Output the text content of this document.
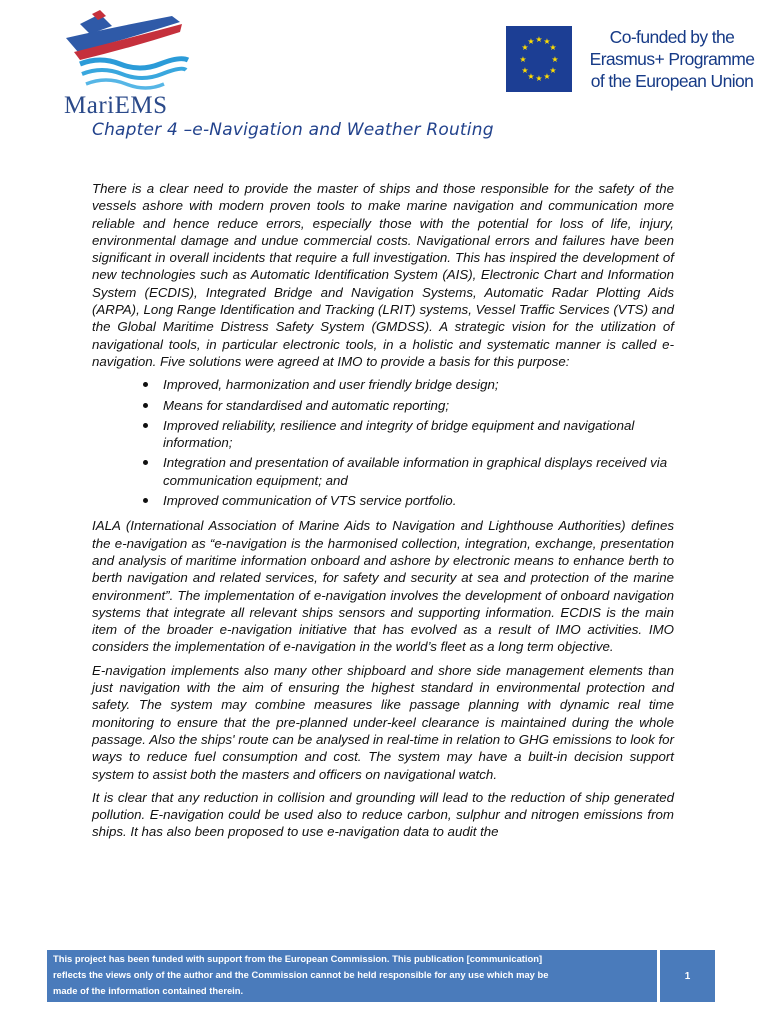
MariEMS
★ ★
★
★
★
★
★
★
★
★
★
★	Co-funded by the
Erasmus+ Programme
of the European Union
Chapter 4 –e-Navigation and Weather Routing

There is a clear need to provide the master of ships and those responsible for the safety of the vessels ashore with modern proven tools to make marine navigation and communication more reliable and hence reduce errors, especially those with the potential for loss of life, injury, environmental damage and undue commercial costs. Navigational errors and failures have been significant in overall incidents that require a full investigation. This has inspired the development of new technologies such as Automatic Identification System (AIS), Electronic Chart and Information System (ECDIS), Integrated Bridge and Navigation Systems, Automatic Radar Plotting Aids (ARPA), Long Range Identification and Tracking (LRIT) systems, Vessel Traffic Services (VTS) and the Global Maritime Distress Safety System (GMDSS). A strategic vision for the utilization of navigational tools, in particular electronic tools, in a holistic and systematic manner is called e-navigation. Five solutions were agreed at IMO to provide a basis for this purpose:

Improved, harmonization and user friendly bridge design;
Means for standardised and automatic reporting;
Improved reliability, resilience and integrity of bridge equipment and navigational information;
Integration and presentation of available information in graphical displays received via communication equipment; and
Improved communication of VTS service portfolio.

IALA (International Association of Marine Aids to Navigation and Lighthouse Authorities) defines the e-navigation as “e-navigation is the harmonised collection, integration, exchange, presentation and analysis of maritime information onboard and ashore by electronic means to enhance berth to berth navigation and related services, for safety and security at sea and protection of the marine environment”. The implementation of e-navigation involves the development of onboard navigation systems that integrate all relevant ships sensors and supporting information. ECDIS is the main item of the broader e-navigation initiative that has evolved as a result of IMO activities. IMO considers the implementation of e-navigation in the world’s fleet as a long term objective.

E-navigation implements also many other shipboard and shore side management elements than just navigation with the aim of ensuring the highest standard in environmental protection and safety. The system may combine measures like passage planning with dynamic real time monitoring to ensure that the pre-planned under-keel clearance is maintained during the whole passage. Also the ships' route can be analysed in real-time in relation to GHG emissions to look for ways to reduce fuel consumption and cost. The system may have a built-in decision support system to assist both the masters and officers on navigational watch.

It is clear that any reduction in collision and grounding will lead to the reduction of ship generated pollution. E-navigation could be used also to reduce carbon, sulphur and nitrogen emissions from ships. It has also been proposed to use e-navigation data to audit the

This project has been funded with support from the European Commission. This publication [communication]
reflects the views only of the author and the Commission cannot be held responsible for any use which may be
made of the information contained therein.
1
